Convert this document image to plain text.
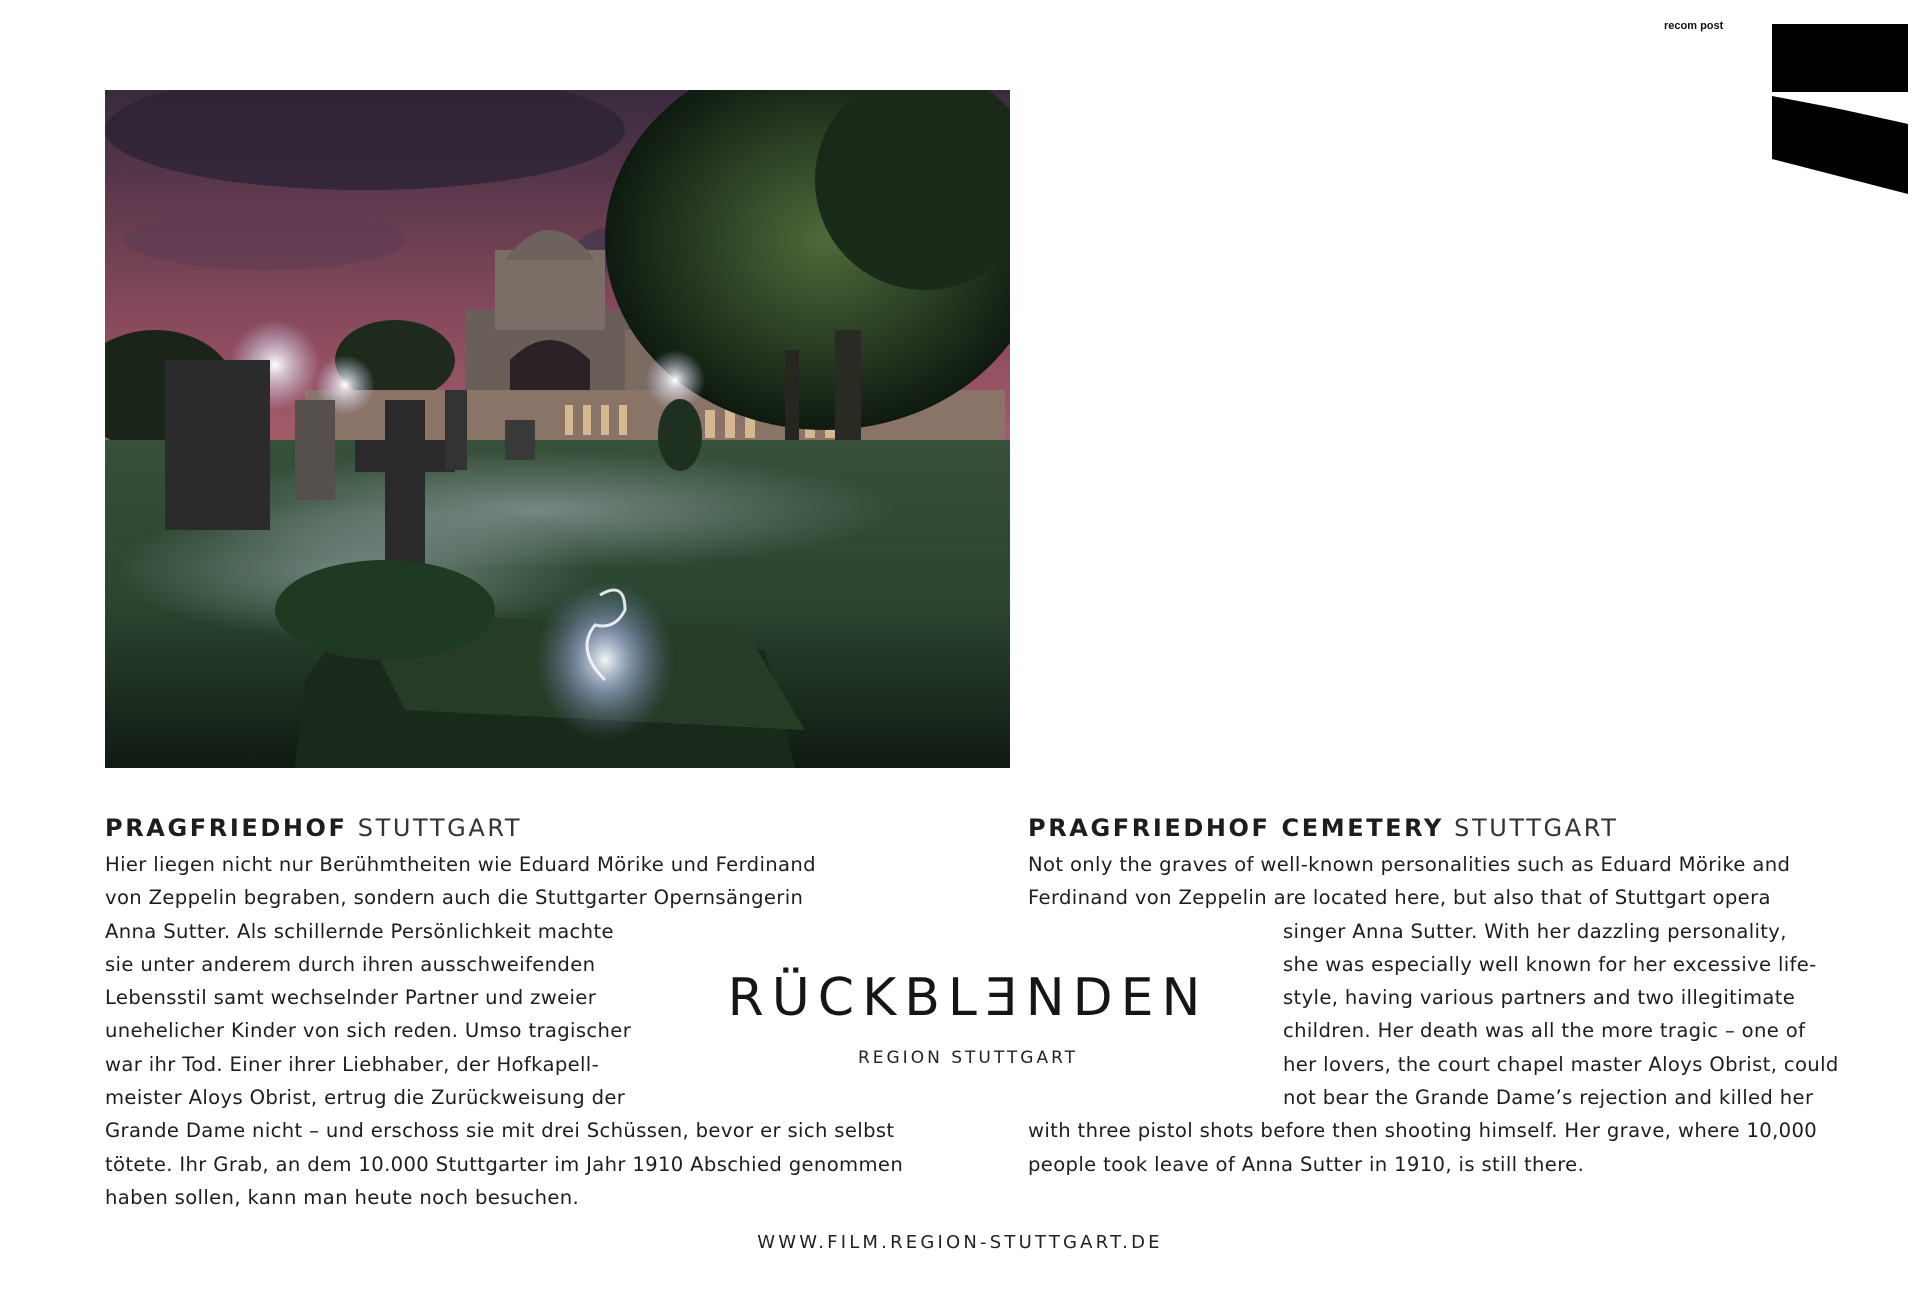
recom post
PRAGFRIEDHOF STUTTGART
Hier liegen nicht nur Berühmtheiten wie Eduard Mörike und Ferdinand
von Zeppelin begraben, sondern auch die Stuttgarter Opernsängerin
Anna Sutter. Als schillernde Persönlichkeit machte
sie unter anderem durch ihren ausschweifenden
Lebensstil samt wechselnder Partner und zweier
unehelicher Kinder von sich reden. Umso tragischer
war ihr Tod. Einer ihrer Liebhaber, der Hofkapell-
meister Aloys Obrist, ertrug die Zurückweisung der
Grande Dame nicht – und erschoss sie mit drei Schüssen, bevor er sich selbst
tötete. Ihr Grab, an dem 10.000 Stuttgarter im Jahr 1910 Abschied genommen
haben sollen, kann man heute noch besuchen.
PRAGFRIEDHOF CEMETERY STUTTGART
Not only the graves of well-known personalities such as Eduard Mörike and
Ferdinand von Zeppelin are located here, but also that of Stuttgart opera
singer Anna Sutter. With her dazzling personality,
she was especially well known for her excessive life-
style, having various partners and two illegitimate
children. Her death was all the more tragic – one of
her lovers, the court chapel master Aloys Obrist, could
not bear the Grande Dame’s rejection and killed her
with three pistol shots before then shooting himself. Her grave, where 10,000
people took leave of Anna Sutter in 1910, is still there.
RÜCKBLƎNDEN
REGION STUTTGART
WWW.FILM.REGION-STUTTGART.DE
